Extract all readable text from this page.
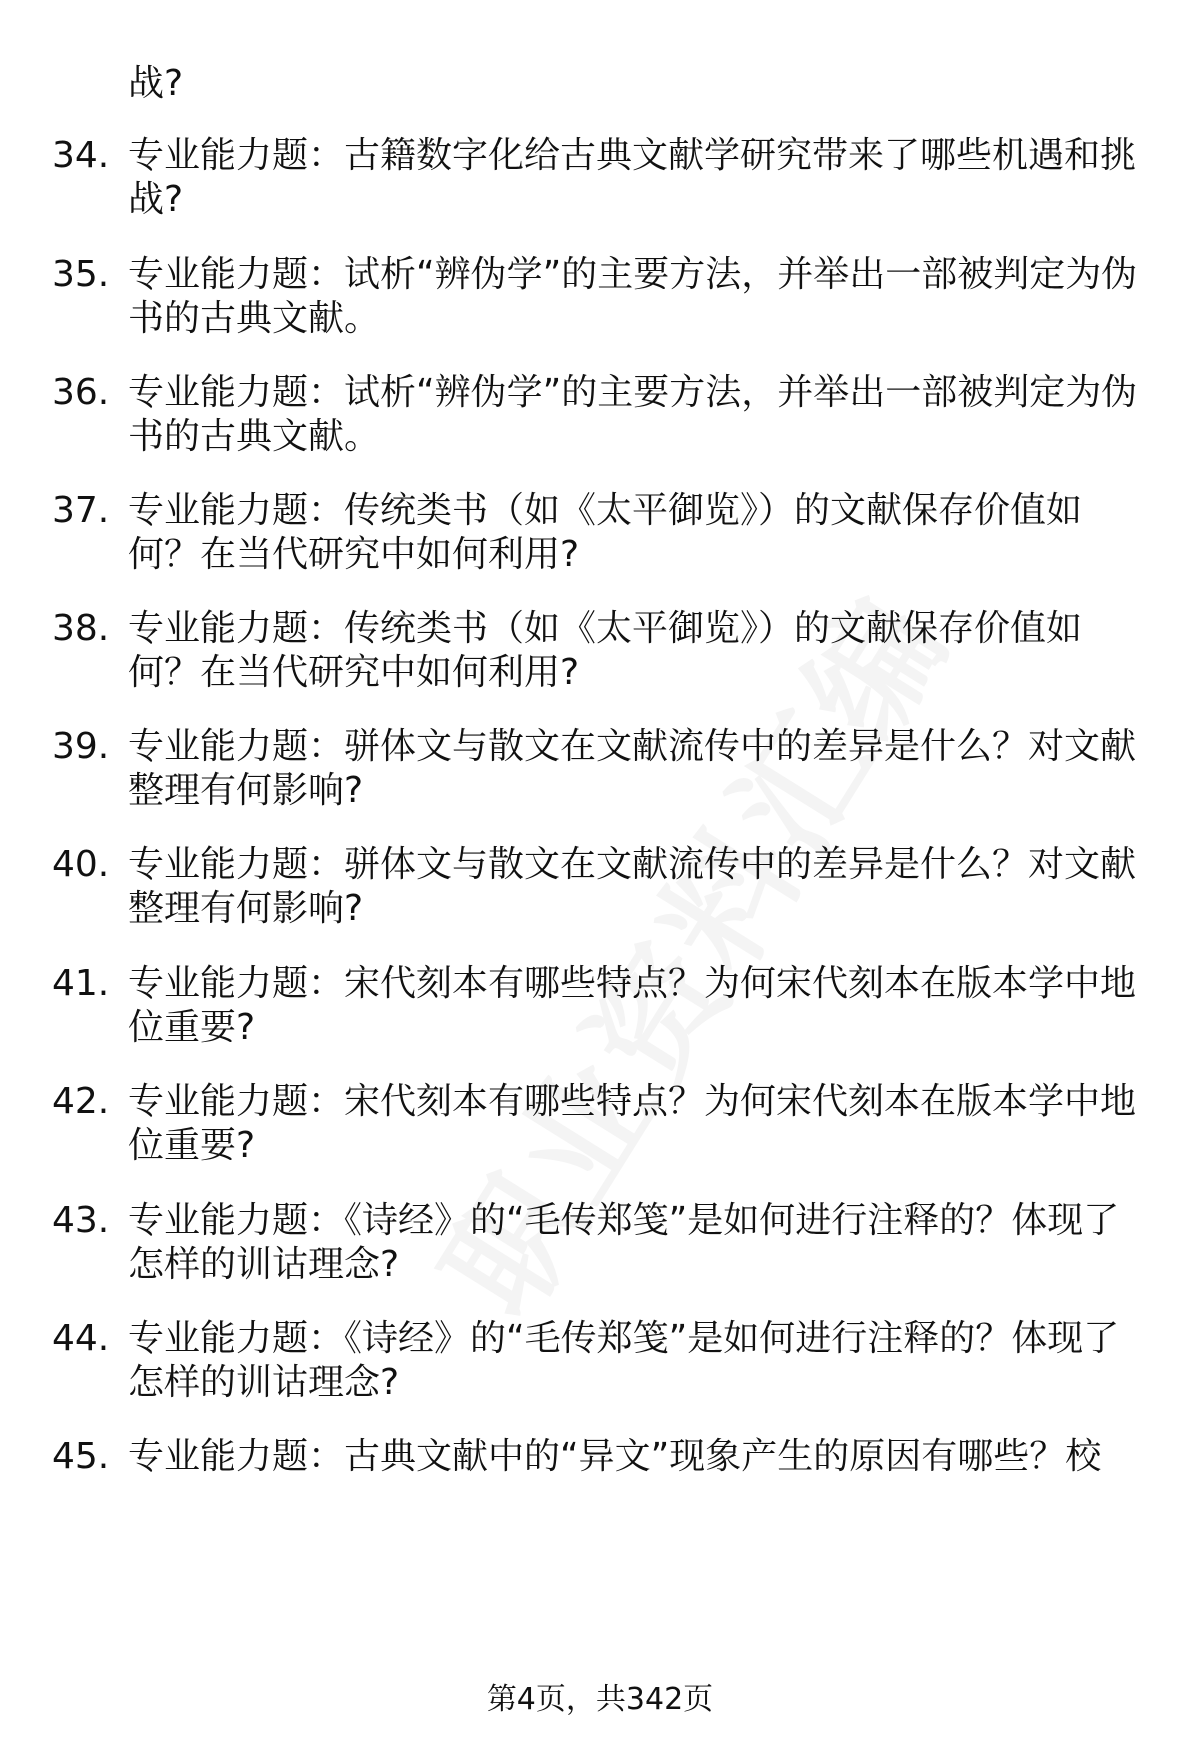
战?
34. 专业能力题：古籍数字化给古典文献学研究带来了哪些机遇和挑战?
35. 专业能力题：试析“辨伪学”的主要方法，并举出一部被判定为伪书的古典文献。
36. 专业能力题：试析“辨伪学”的主要方法，并举出一部被判定为伪书的古典文献。
37. 专业能力题：传统类书（如《太平御览》）的文献保存价值如何？在当代研究中如何利用?
38. 专业能力题：传统类书（如《太平御览》）的文献保存价值如何？在当代研究中如何利用?
39. 专业能力题：骈体文与散文在文献流传中的差异是什么？对文献整理有何影响?
40. 专业能力题：骈体文与散文在文献流传中的差异是什么？对文献整理有何影响?
41. 专业能力题：宋代刻本有哪些特点？为何宋代刻本在版本学中地位重要?
42. 专业能力题：宋代刻本有哪些特点？为何宋代刻本在版本学中地位重要?
43. 专业能力题：《诗经》的“毛传郑笺”是如何进行注释的？体现了怎样的训诂理念?
44. 专业能力题：《诗经》的“毛传郑笺”是如何进行注释的？体现了怎样的训诂理念?
45. 专业能力题：古典文献中的“异文”现象产生的原因有哪些？校
第4页，共342页
